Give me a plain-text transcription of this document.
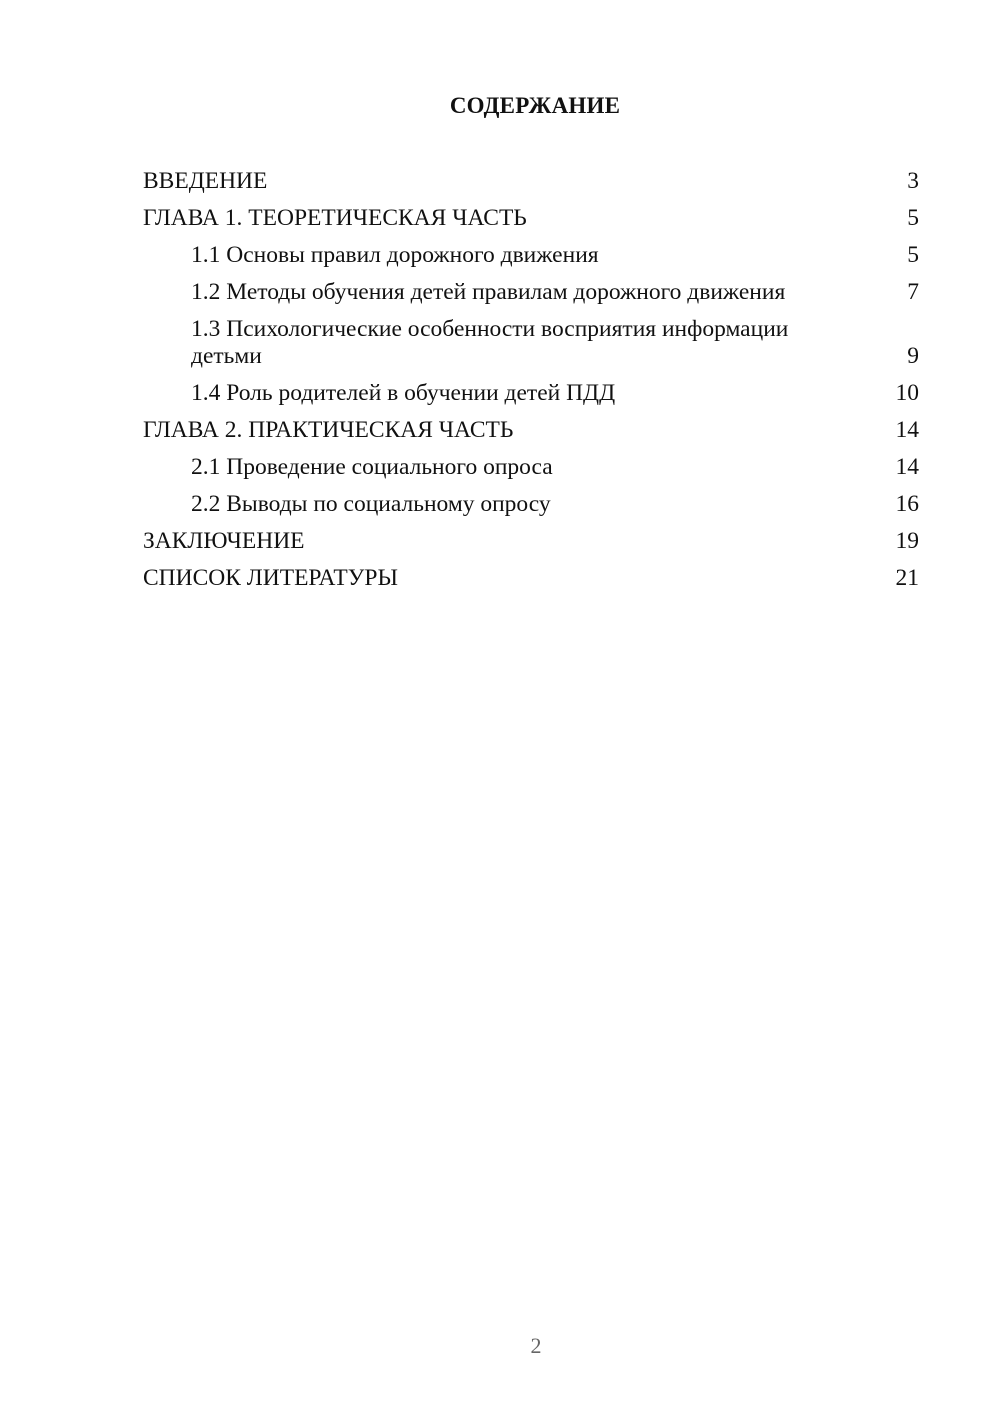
СОДЕРЖАНИЕ
ВВЕДЕНИЕ	3
ГЛАВА 1. ТЕОРЕТИЧЕСКАЯ ЧАСТЬ	5
1.1 Основы правил дорожного движения	5
1.2 Методы обучения детей правилам дорожного движения	7
1.3 Психологические особенности восприятия информации детьми	9
1.4 Роль родителей в обучении детей ПДД	10
ГЛАВА 2. ПРАКТИЧЕСКАЯ ЧАСТЬ	14
2.1 Проведение социального опроса	14
2.2 Выводы по социальному опросу	16
ЗАКЛЮЧЕНИЕ	19
СПИСОК ЛИТЕРАТУРЫ	21
2
